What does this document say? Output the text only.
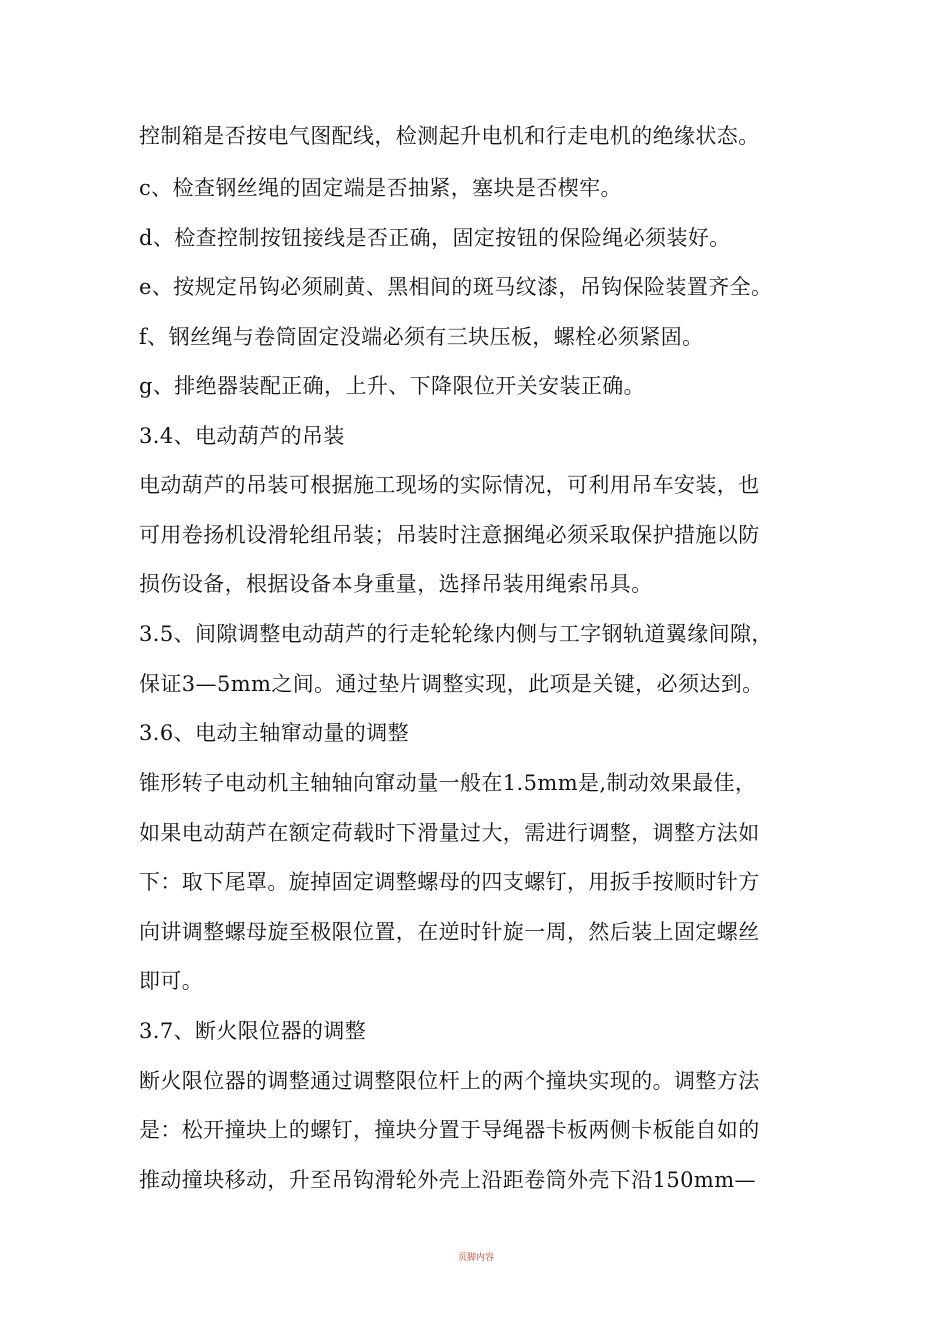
控制箱是否按电气图配线，检测起升电机和行走电机的绝缘状态。
c、检查钢丝绳的固定端是否抽紧，塞块是否楔牢。
d、检查控制按钮接线是否正确，固定按钮的保险绳必须装好。
e、按规定吊钩必须刷黄、黑相间的斑马纹漆，吊钩保险装置齐全。
f、钢丝绳与卷筒固定没端必须有三块压板，螺栓必须紧固。
g、排绝器装配正确，上升、下降限位开关安装正确。
3.4、电动葫芦的吊装
电动葫芦的吊装可根据施工现场的实际情况，可利用吊车安装，也
可用卷扬机设滑轮组吊装；吊装时注意捆绳必须采取保护措施以防
损伤设备，根据设备本身重量，选择吊装用绳索吊具。
3.5、间隙调整电动葫芦的行走轮轮缘内侧与工字钢轨道翼缘间隙，
保证3—5mm之间。通过垫片调整实现，此项是关键，必须达到。
3.6、电动主轴窜动量的调整
锥形转子电动机主轴轴向窜动量一般在1.5mm是,制动效果最佳，
如果电动葫芦在额定荷载时下滑量过大，需进行调整，调整方法如
下：取下尾罩。旋掉固定调整螺母的四支螺钉，用扳手按顺时针方
向讲调整螺母旋至极限位置，在逆时针旋一周，然后装上固定螺丝
即可。
3.7、断火限位器的调整
断火限位器的调整通过调整限位杆上的两个撞块实现的。调整方法
是：松开撞块上的螺钉，撞块分置于导绳器卡板两侧卡板能自如的
推动撞块移动，升至吊钩滑轮外壳上沿距卷筒外壳下沿150mm—
页脚内容
